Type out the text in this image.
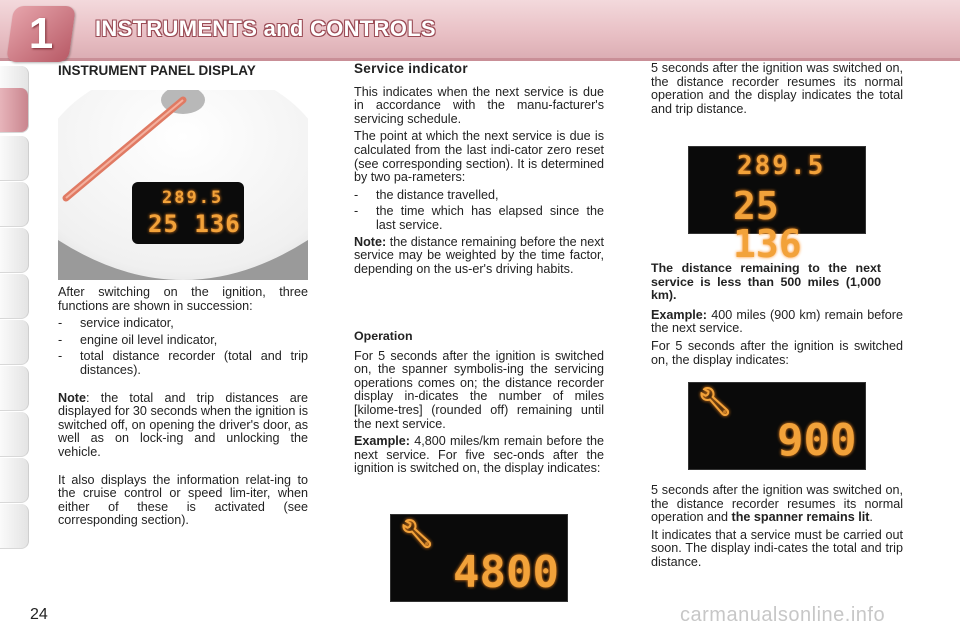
1	INSTRUMENTS and CONTROLS

INSTRUMENT PANEL DISPLAY

289.5
25 136

After switching on the ignition, three functions are shown in succession:

- service indicator,
- engine oil level indicator,
- total distance recorder (total and trip distances).

Note: the total and trip distances are displayed for 30 seconds when the ignition is switched off, on opening the driver's door, as well as on lock-ing and unlocking the vehicle.

It also displays the information relat-ing to the cruise control or speed lim-iter, when either of these is activated (see corresponding section).

Service indicator

This indicates when the next service is due in accordance with the manu-facturer's servicing schedule.

The point at which the next service is due is calculated from the last indi-cator zero reset (see corresponding section). It is determined by two pa-rameters:

- the distance travelled,
- the time which has elapsed since the last service.

Note: the distance remaining before the next service may be weighted by the time factor, depending on the us-er's driving habits.

Operation

For 5 seconds after the ignition is switched on, the spanner symbolis-ing the servicing operations comes on; the distance recorder display in-dicates the number of miles [kilome-tres] (rounded off) remaining until the next service.

Example: 4,800 miles/km remain before the next service. For five sec-onds after the ignition is switched on, the display indicates:

🔧︎
4800

5 seconds after the ignition was switched on, the distance recorder resumes its normal operation and the display indicates the total and trip distance.

289.5
25 136

The distance remaining to the next service is less than 500 miles (1,000 km).

Example: 400 miles (900 km) remain before the next service.

For 5 seconds after the ignition is switched on, the display indicates:

🔧︎
900

5 seconds after the ignition was switched on, the distance recorder resumes its normal operation and the spanner remains lit.

It indicates that a service must be carried out soon. The display indi-cates the total and trip distance.

24	carmanualsonline.info
